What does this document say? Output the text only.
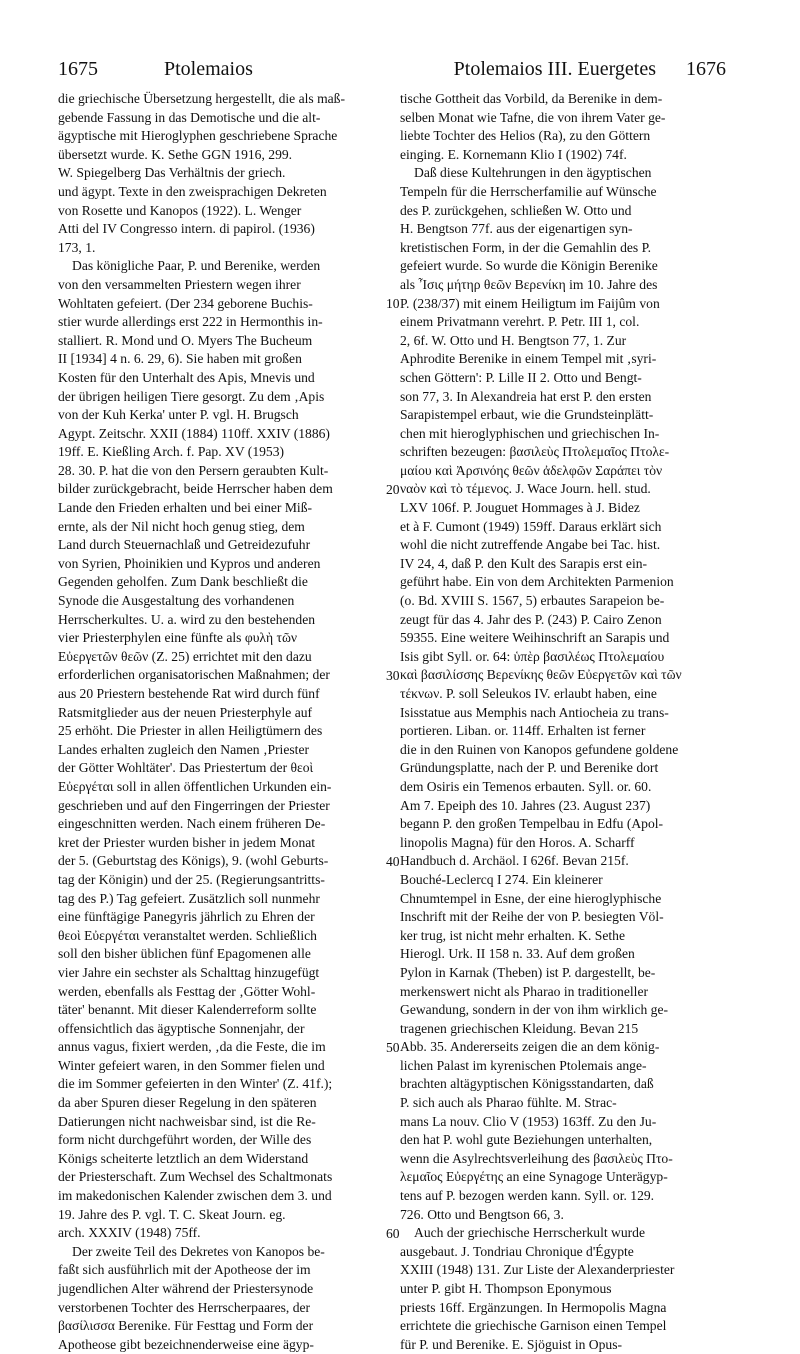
1675	Ptolemaios	Ptolemaios III. Euergetes 1676
die griechische Übersetzung hergestellt, die als maß-
gebende Fassung in das Demotische und die alt-
ägyptische mit Hieroglyphen geschriebene Sprache
übersetzt wurde. K. Sethe GGN 1916, 299.
W. Spiegelberg Das Verhältnis der griech.
und ägypt. Texte in den zweisprachigen Dekreten
von Rosette und Kanopos (1922). L. Wenger
Atti del IV Congresso intern. di papirol. (1936)
173, 1.
Das königliche Paar, P. und Berenike, werden
von den versammelten Priestern wegen ihrer
Wohltaten gefeiert. (Der 234 geborene Buchis-
stier wurde allerdings erst 222 in Hermonthis in-
stalliert. R. Mond und O. Myers The Bucheum
II [1934] 4 n. 6. 29, 6). Sie haben mit großen
Kosten für den Unterhalt des Apis, Mnevis und
der übrigen heiligen Tiere gesorgt. Zu dem ‚Apis
von der Kuh Kerka' unter P. vgl. H. Brugsch
Agypt. Zeitschr. XXII (1884) 110ff. XXIV (1886)
19ff. E. Kießling Arch. f. Pap. XV (1953)
28. 30. P. hat die von den Persern geraubten Kult-
bilder zurückgebracht, beide Herrscher haben dem
Lande den Frieden erhalten und bei einer Miß-
ernte, als der Nil nicht hoch genug stieg, dem
Land durch Steuernachlaß und Getreidezufuhr
von Syrien, Phoinikien und Kypros und anderen
Gegenden geholfen. Zum Dank beschließt die
Synode die Ausgestaltung des vorhandenen
Herrscherkultes. U. a. wird zu den bestehenden
vier Priesterphylen eine fünfte als φυλὴ τῶν
Εὐεργετῶν θεῶν (Z. 25) errichtet mit den dazu
erforderlichen organisatorischen Maßnahmen; der
aus 20 Priestern bestehende Rat wird durch fünf
Ratsmitglieder aus der neuen Priesterphyle auf
25 erhöht. Die Priester in allen Heiligtümern des
Landes erhalten zugleich den Namen ‚Priester
der Götter Wohltäter'. Das Priestertum der θεοὶ
Εὐεργέται soll in allen öffentlichen Urkunden ein-
geschrieben und auf den Fingerringen der Priester
eingeschnitten werden. Nach einem früheren De-
kret der Priester wurden bisher in jedem Monat
der 5. (Geburtstag des Königs), 9. (wohl Geburts-
tag der Königin) und der 25. (Regierungsantritts-
tag des P.) Tag gefeiert. Zusätzlich soll nunmehr
eine fünftägige Panegyris jährlich zu Ehren der
θεοὶ Εὐεργέται veranstaltet werden. Schließlich
soll den bisher üblichen fünf Epagomenen alle
vier Jahre ein sechster als Schalttag hinzugefügt
werden, ebenfalls als Festtag der ‚Götter Wohl-
täter' benannt. Mit dieser Kalenderreform sollte
offensichtlich das ägyptische Sonnenjahr, der
annus vagus, fixiert werden, ‚da die Feste, die im
Winter gefeiert waren, in den Sommer fielen und
die im Sommer gefeierten in den Winter' (Z. 41f.);
da aber Spuren dieser Regelung in den späteren
Datierungen nicht nachweisbar sind, ist die Re-
form nicht durchgeführt worden, der Wille des
Königs scheiterte letztlich an dem Widerstand
der Priesterschaft. Zum Wechsel des Schaltmonats
im makedonischen Kalender zwischen dem 3. und
19. Jahre des P. vgl. T. C. Skeat Journ. eg.
arch. XXXIV (1948) 75ff.
Der zweite Teil des Dekretes von Kanopos be-
faßt sich ausführlich mit der Apotheose der im
jugendlichen Alter während der Priestersynode
verstorbenen Tochter des Herrscherpaares, der
βασίλισσα Berenike. Für Festtag und Form der
Apotheose gibt bezeichnenderweise eine ägyp-
tische Gottheit das Vorbild, da Berenike in dem-
selben Monat wie Tafne, die von ihrem Vater ge-
liebte Tochter des Helios (Ra), zu den Göttern
einging. E. Kornemann Klio I (1902) 74f.
Daß diese Kultehrungen in den ägyptischen
Tempeln für die Herrscherfamilie auf Wünsche
des P. zurückgehen, schließen W. Otto und
H. Bengtson 77f. aus der eigenartigen syn-
kretistischen Form, in der die Gemahlin des P.
gefeiert wurde. So wurde die Königin Berenike
als Ἶσις μήτηρ θεῶν Βερενίκη im 10. Jahre des
P. (238/37) mit einem Heiligtum im Faijûm von
einem Privatmann verehrt. P. Petr. III 1, col.
2, 6f. W. Otto und H. Bengtson 77, 1. Zur
Aphrodite Berenike in einem Tempel mit ‚syri-
schen Göttern': P. Lille II 2. Otto und Bengt-
son 77, 3. In Alexandreia hat erst P. den ersten
Sarapistempel erbaut, wie die Grundsteinplätt-
chen mit hieroglyphischen und griechischen In-
schriften bezeugen: βασιλεὺς Πτολεμαῖος Πτολε-
μαίου καὶ Ἀρσινόης θεῶν ἀδελφῶν Σαράπει τὸν
ναὸν καὶ τὸ τέμενος. J. Wace Journ. hell. stud.
LXV 106f. P. Jouguet Hommages à J. Bidez
et à F. Cumont (1949) 159ff. Daraus erklärt sich
wohl die nicht zutreffende Angabe bei Tac. hist.
IV 24, 4, daß P. den Kult des Sarapis erst ein-
geführt habe. Ein von dem Architekten Parmenion
(o. Bd. XVIII S. 1567, 5) erbautes Sarapeion be-
zeugt für das 4. Jahr des P. (243) P. Cairo Zenon
59355. Eine weitere Weihinschrift an Sarapis und
Isis gibt Syll. or. 64: ὑπὲρ βασιλέως Πτολεμαίου
καὶ βασιλίσσης Βερενίκης θεῶν Εὐεργετῶν καὶ τῶν
τέκνων. P. soll Seleukos IV. erlaubt haben, eine
Isisstatue aus Memphis nach Antiocheia zu trans-
portieren. Liban. or. 114ff. Erhalten ist ferner
die in den Ruinen von Kanopos gefundene goldene
Gründungsplatte, nach der P. und Berenike dort
dem Osiris ein Temenos erbauten. Syll. or. 60.
Am 7. Epeiph des 10. Jahres (23. August 237)
begann P. den großen Tempelbau in Edfu (Apol-
linopolis Magna) für den Horos. A. Scharff
Handbuch d. Archäol. I 626f. Bevan 215f.
Bouché-Leclercq I 274. Ein kleinerer
Chnumtempel in Esne, der eine hieroglyphische
Inschrift mit der Reihe der von P. besiegten Völ-
ker trug, ist nicht mehr erhalten. K. Sethe
Hierogl. Urk. II 158 n. 33. Auf dem großen
Pylon in Karnak (Theben) ist P. dargestellt, be-
merkenswert nicht als Pharao in traditioneller
Gewandung, sondern in der von ihm wirklich ge-
tragenen griechischen Kleidung. Bevan 215
Abb. 35. Andererseits zeigen die an dem könig-
lichen Palast im kyrenischen Ptolemais ange-
brachten altägyptischen Königsstandarten, daß
P. sich auch als Pharao fühlte. M. Strac-
mans La nouv. Clio V (1953) 163ff. Zu den Ju-
den hat P. wohl gute Beziehungen unterhalten,
wenn die Asylrechtsverleihung des βασιλεὺς Πτο-
λεμαῖος Εὐεργέτης an eine Synagoge Unterägyp-
tens auf P. bezogen werden kann. Syll. or. 129.
726. Otto und Bengtson 66, 3.
Auch der griechische Herrscherkult wurde
ausgebaut. J. Tondriau Chronique d'Égypte
XXIII (1948) 131. Zur Liste der Alexanderpriester
unter P. gibt H. Thompson Eponymous
priests 16ff. Ergänzungen. In Hermopolis Magna
errichtete die griechische Garnison einen Tempel
für P. und Berenike. E. Sjöguist in Opus-
10
20
30
40
50
60
